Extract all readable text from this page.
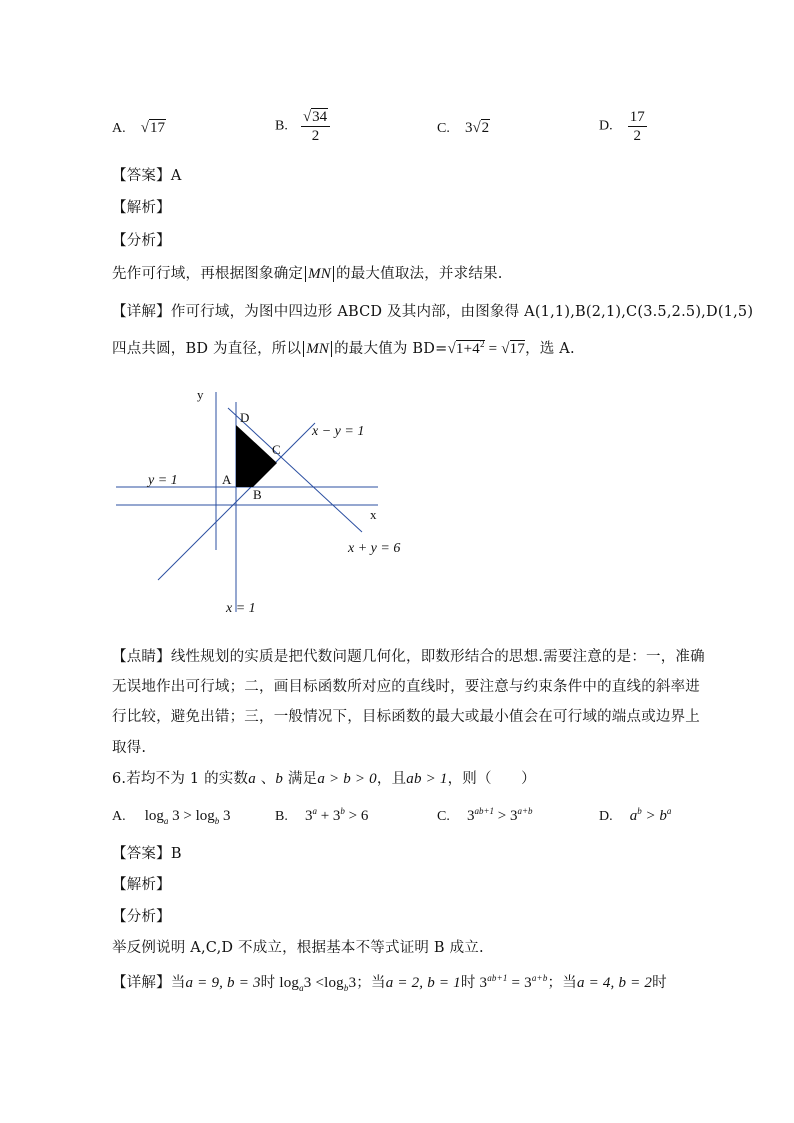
A. √17	B. $\frac{√34}{2}$	C. 3√2	D. $\frac{17}{2}$
【答案】A
【解析】
【分析】
先作可行域，再根据图象确定 MN 的最大值取法，并求结果.
【详解】作可行域，为图中四边形 ABCD 及其内部，由图象得 A(1,1),B(2,1),C(3.5,2.5),D(1,5)
四点共圆，BD 为直径，所以 MN 的最大值为 $BD=√1+4^2 = √17$，选 A.
y
x
D
C
A
B
x − y = 1
y = 1
x + y = 6
x = 1
【点睛】线性规划的实质是把代数问题几何化，即数形结合的思想.需要注意的是：一，准确
无误地作出可行域；二，画目标函数所对应的直线时，要注意与约束条件中的直线的斜率进
行比较，避免出错；三，一般情况下，目标函数的最大或最小值会在可行域的端点或边界上
取得.
6.若均不为 1 的实数a 、b 满足a > b > 0，且ab > 1，则（　　）
A. $\log_a 3 > \log_b 3$	B. $3^a + 3^b > 6$	C. $3^{ab+1} > 3^{a+b}$	D. $a^b > b^a$
【答案】B
【解析】
【分析】
举反例说明 A,C,D 不成立，根据基本不等式证明 B 成立.
【详解】当a = 9, b = 3时 $\log_a3 <\log_b3$；当a = 2, b = 1时 $3^{ab+1} = 3^{a+b}$；当a = 4, b = 2时
